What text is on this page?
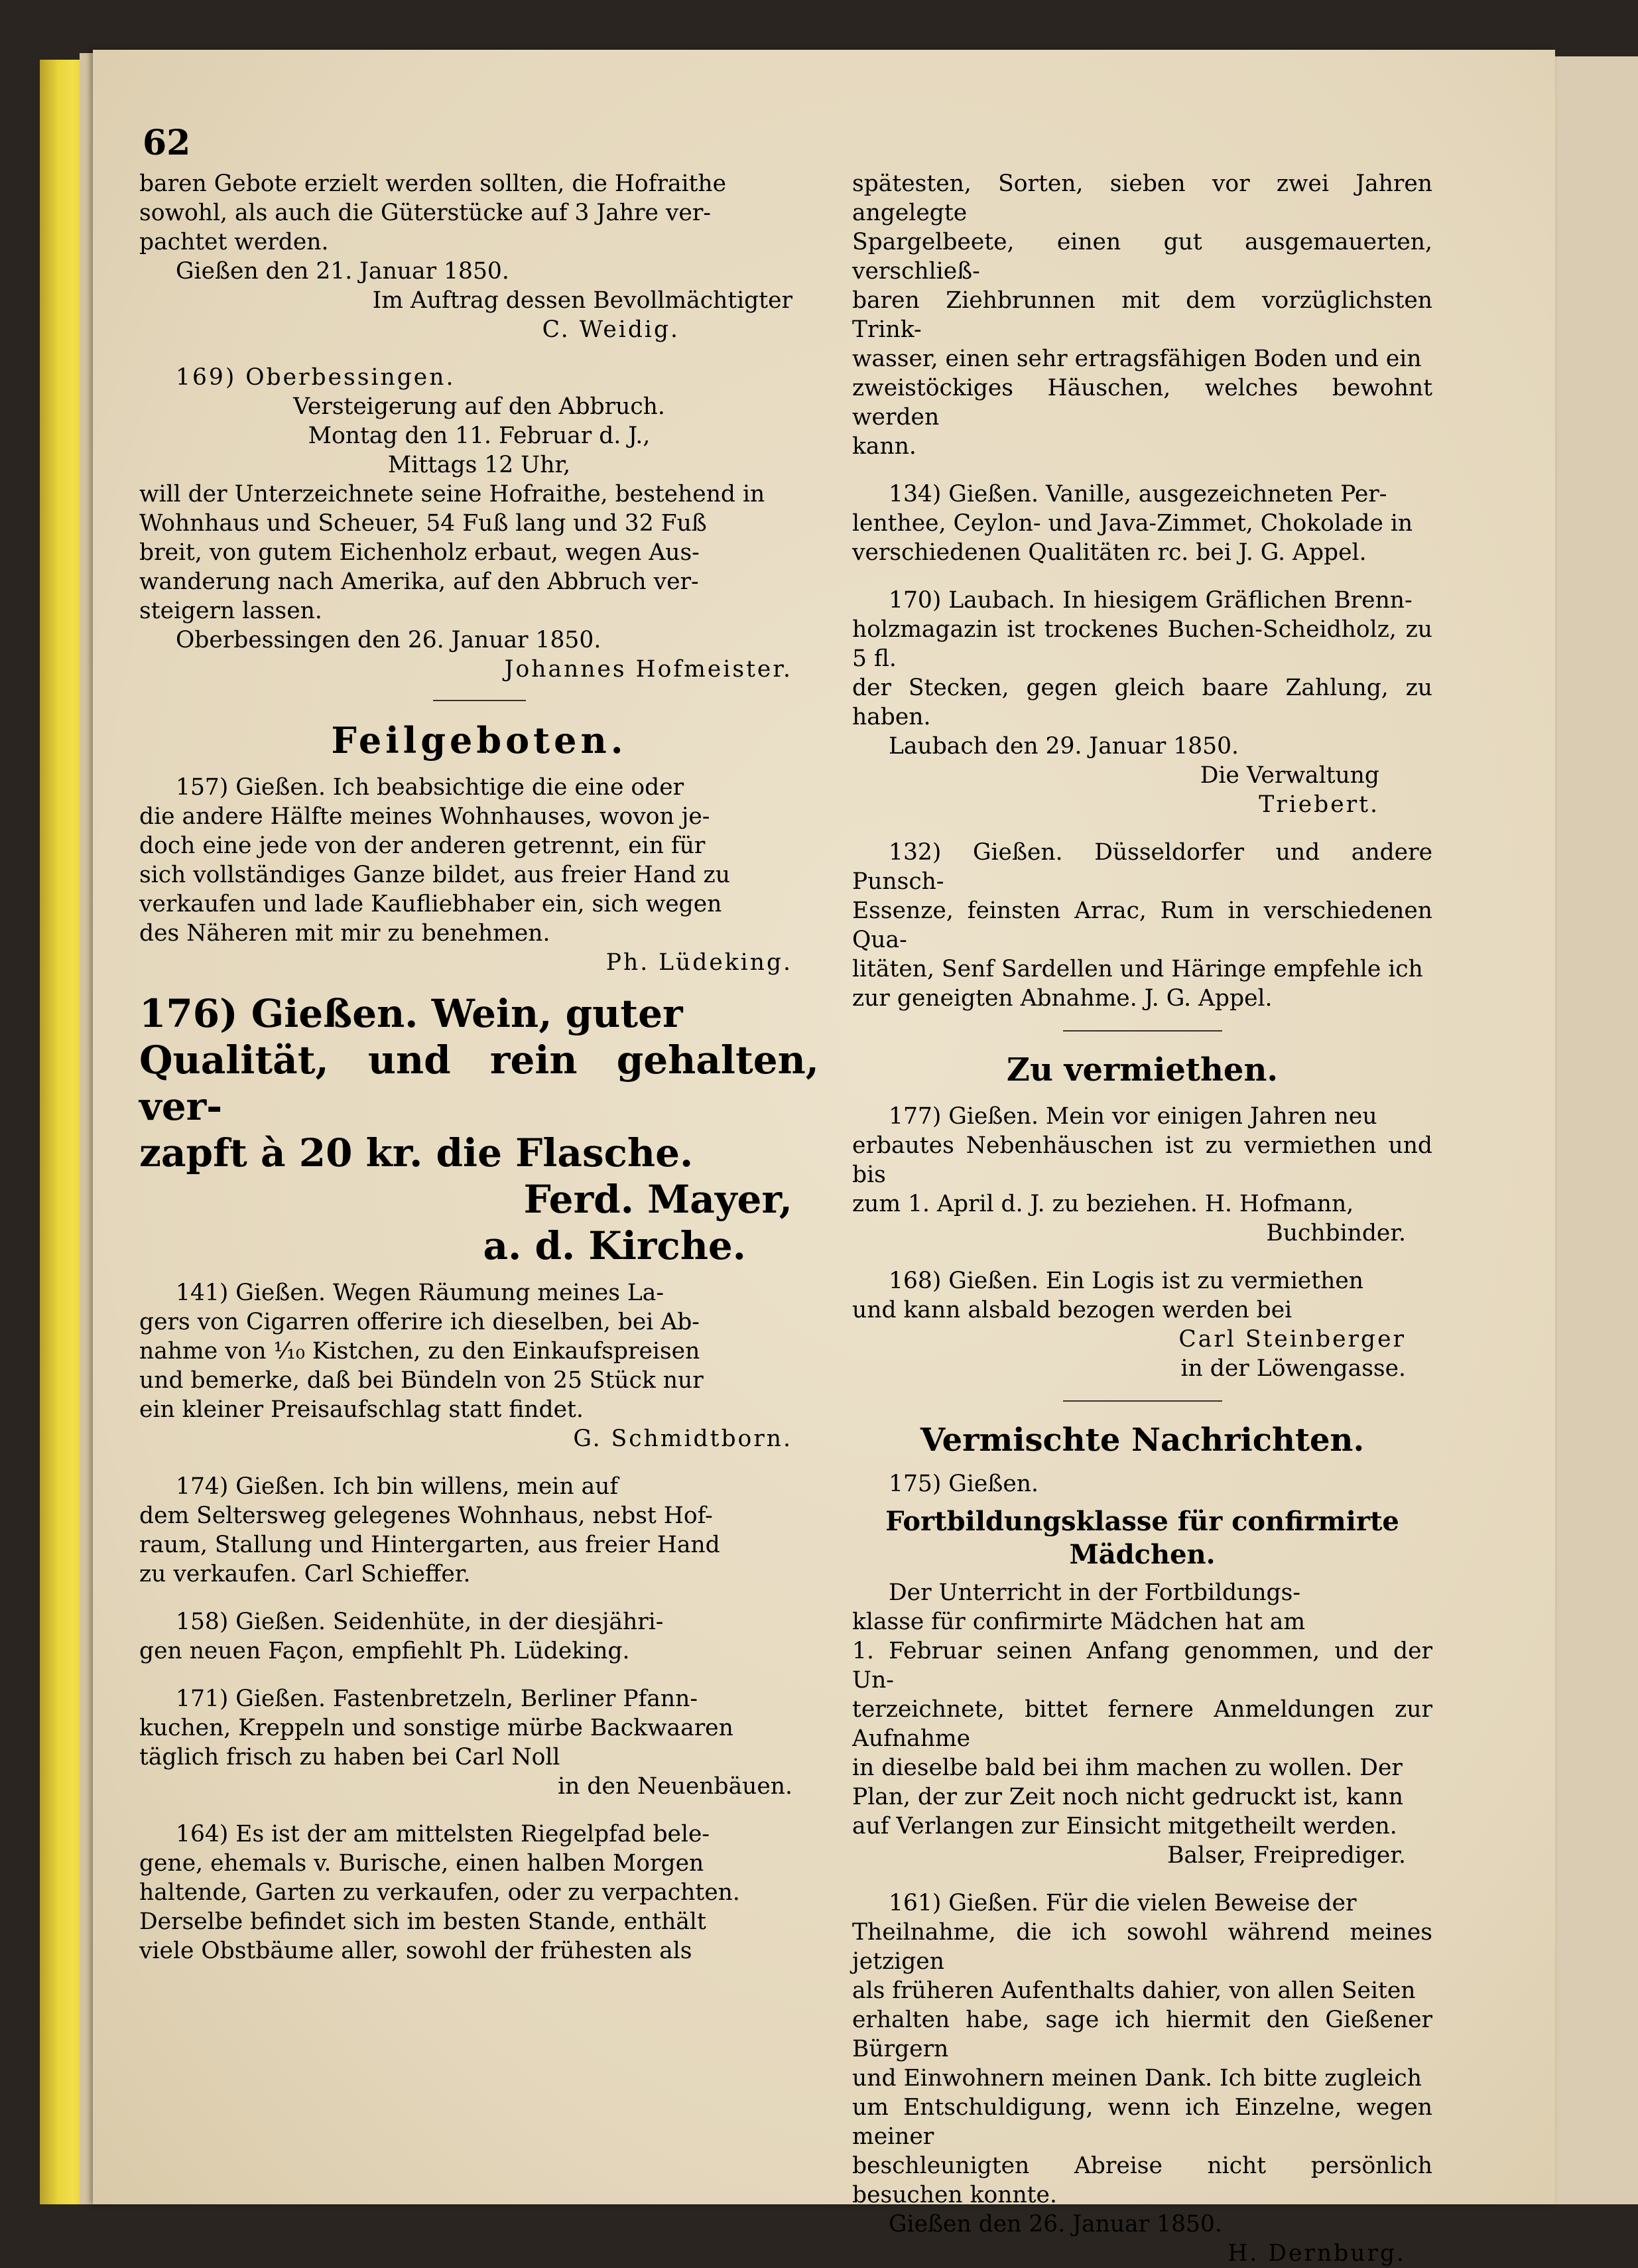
62

baren Gebote erzielt werden sollten, die Hofraithe

sowohl, als auch die Güterstücke auf 3 Jahre ver-

pachtet werden.

Gießen den 21. Januar 1850.

Im Auftrag dessen Bevollmächtigter

C. Weidig.

169) Oberbessingen.

Versteigerung auf den Abbruch.

Montag den 11. Februar d. J.,

Mittags 12 Uhr,

will der Unterzeichnete seine Hofraithe, bestehend in

Wohnhaus und Scheuer, 54 Fuß lang und 32 Fuß

breit, von gutem Eichenholz erbaut, wegen Aus-

wanderung nach Amerika, auf den Abbruch ver-

steigern lassen.

Oberbessingen den 26. Januar 1850.

Johannes Hofmeister.

Feilgeboten.

157) Gießen. Ich beabsichtige die eine oder

die andere Hälfte meines Wohnhauses, wovon je-

doch eine jede von der anderen getrennt, ein für

sich vollständiges Ganze bildet, aus freier Hand zu

verkaufen und lade Kaufliebhaber ein, sich wegen

des Näheren mit mir zu benehmen.

Ph. Lüdeking.

176) Gießen. Wein, guter
Qualität, und rein gehalten, ver-
zapft à 20 kr. die Flasche.
Ferd. Mayer,
a. d. Kirche.

141) Gießen. Wegen Räumung meines La-

gers von Cigarren offerire ich dieselben, bei Ab-

nahme von ¹⁄₁₀ Kistchen, zu den Einkaufspreisen

und bemerke, daß bei Bündeln von 25 Stück nur

ein kleiner Preisaufschlag statt findet.

G. Schmidtborn.

174) Gießen. Ich bin willens, mein auf

dem Seltersweg gelegenes Wohnhaus, nebst Hof-

raum, Stallung und Hintergarten, aus freier Hand

zu verkaufen. Carl Schieffer.

158) Gießen. Seidenhüte, in der diesjähri-

gen neuen Façon, empfiehlt Ph. Lüdeking.

171) Gießen. Fastenbretzeln, Berliner Pfann-

kuchen, Kreppeln und sonstige mürbe Backwaaren

täglich frisch zu haben bei Carl Noll

in den Neuenbäuen.

164) Es ist der am mittelsten Riegelpfad bele-

gene, ehemals v. Burische, einen halben Morgen

haltende, Garten zu verkaufen, oder zu verpachten.

Derselbe befindet sich im besten Stande, enthält

viele Obstbäume aller, sowohl der frühesten als

spätesten, Sorten, sieben vor zwei Jahren angelegte

Spargelbeete, einen gut ausgemauerten, verschließ-

baren Ziehbrunnen mit dem vorzüglichsten Trink-

wasser, einen sehr ertragsfähigen Boden und ein

zweistöckiges Häuschen, welches bewohnt werden

kann.

134) Gießen. Vanille, ausgezeichneten Per-

lenthee, Ceylon- und Java-Zimmet, Chokolade in

verschiedenen Qualitäten rc. bei J. G. Appel.

170) Laubach. In hiesigem Gräflichen Brenn-

holzmagazin ist trockenes Buchen-Scheidholz, zu 5 fl.

der Stecken, gegen gleich baare Zahlung, zu haben.

Laubach den 29. Januar 1850.

Die Verwaltung

Triebert.

132) Gießen. Düsseldorfer und andere Punsch-

Essenze, feinsten Arrac, Rum in verschiedenen Qua-

litäten, Senf Sardellen und Häringe empfehle ich

zur geneigten Abnahme. J. G. Appel.

Zu vermiethen.

177) Gießen. Mein vor einigen Jahren neu

erbautes Nebenhäuschen ist zu vermiethen und bis

zum 1. April d. J. zu beziehen. H. Hofmann,

Buchbinder.

168) Gießen. Ein Logis ist zu vermiethen

und kann alsbald bezogen werden bei

Carl Steinberger

in der Löwengasse.

Vermischte Nachrichten.

175) Gießen.

Fortbildungsklasse für confirmirte
Mädchen.

Der Unterricht in der Fortbildungs-

klasse für confirmirte Mädchen hat am

1. Februar seinen Anfang genommen, und der Un-

terzeichnete, bittet fernere Anmeldungen zur Aufnahme

in dieselbe bald bei ihm machen zu wollen. Der

Plan, der zur Zeit noch nicht gedruckt ist, kann

auf Verlangen zur Einsicht mitgetheilt werden.

Balser, Freiprediger.

161) Gießen. Für die vielen Beweise der

Theilnahme, die ich sowohl während meines jetzigen

als früheren Aufenthalts dahier, von allen Seiten

erhalten habe, sage ich hiermit den Gießener Bürgern

und Einwohnern meinen Dank. Ich bitte zugleich

um Entschuldigung, wenn ich Einzelne, wegen meiner

beschleunigten Abreise nicht persönlich besuchen konnte.

Gießen den 26. Januar 1850.

H. Dernburg.
